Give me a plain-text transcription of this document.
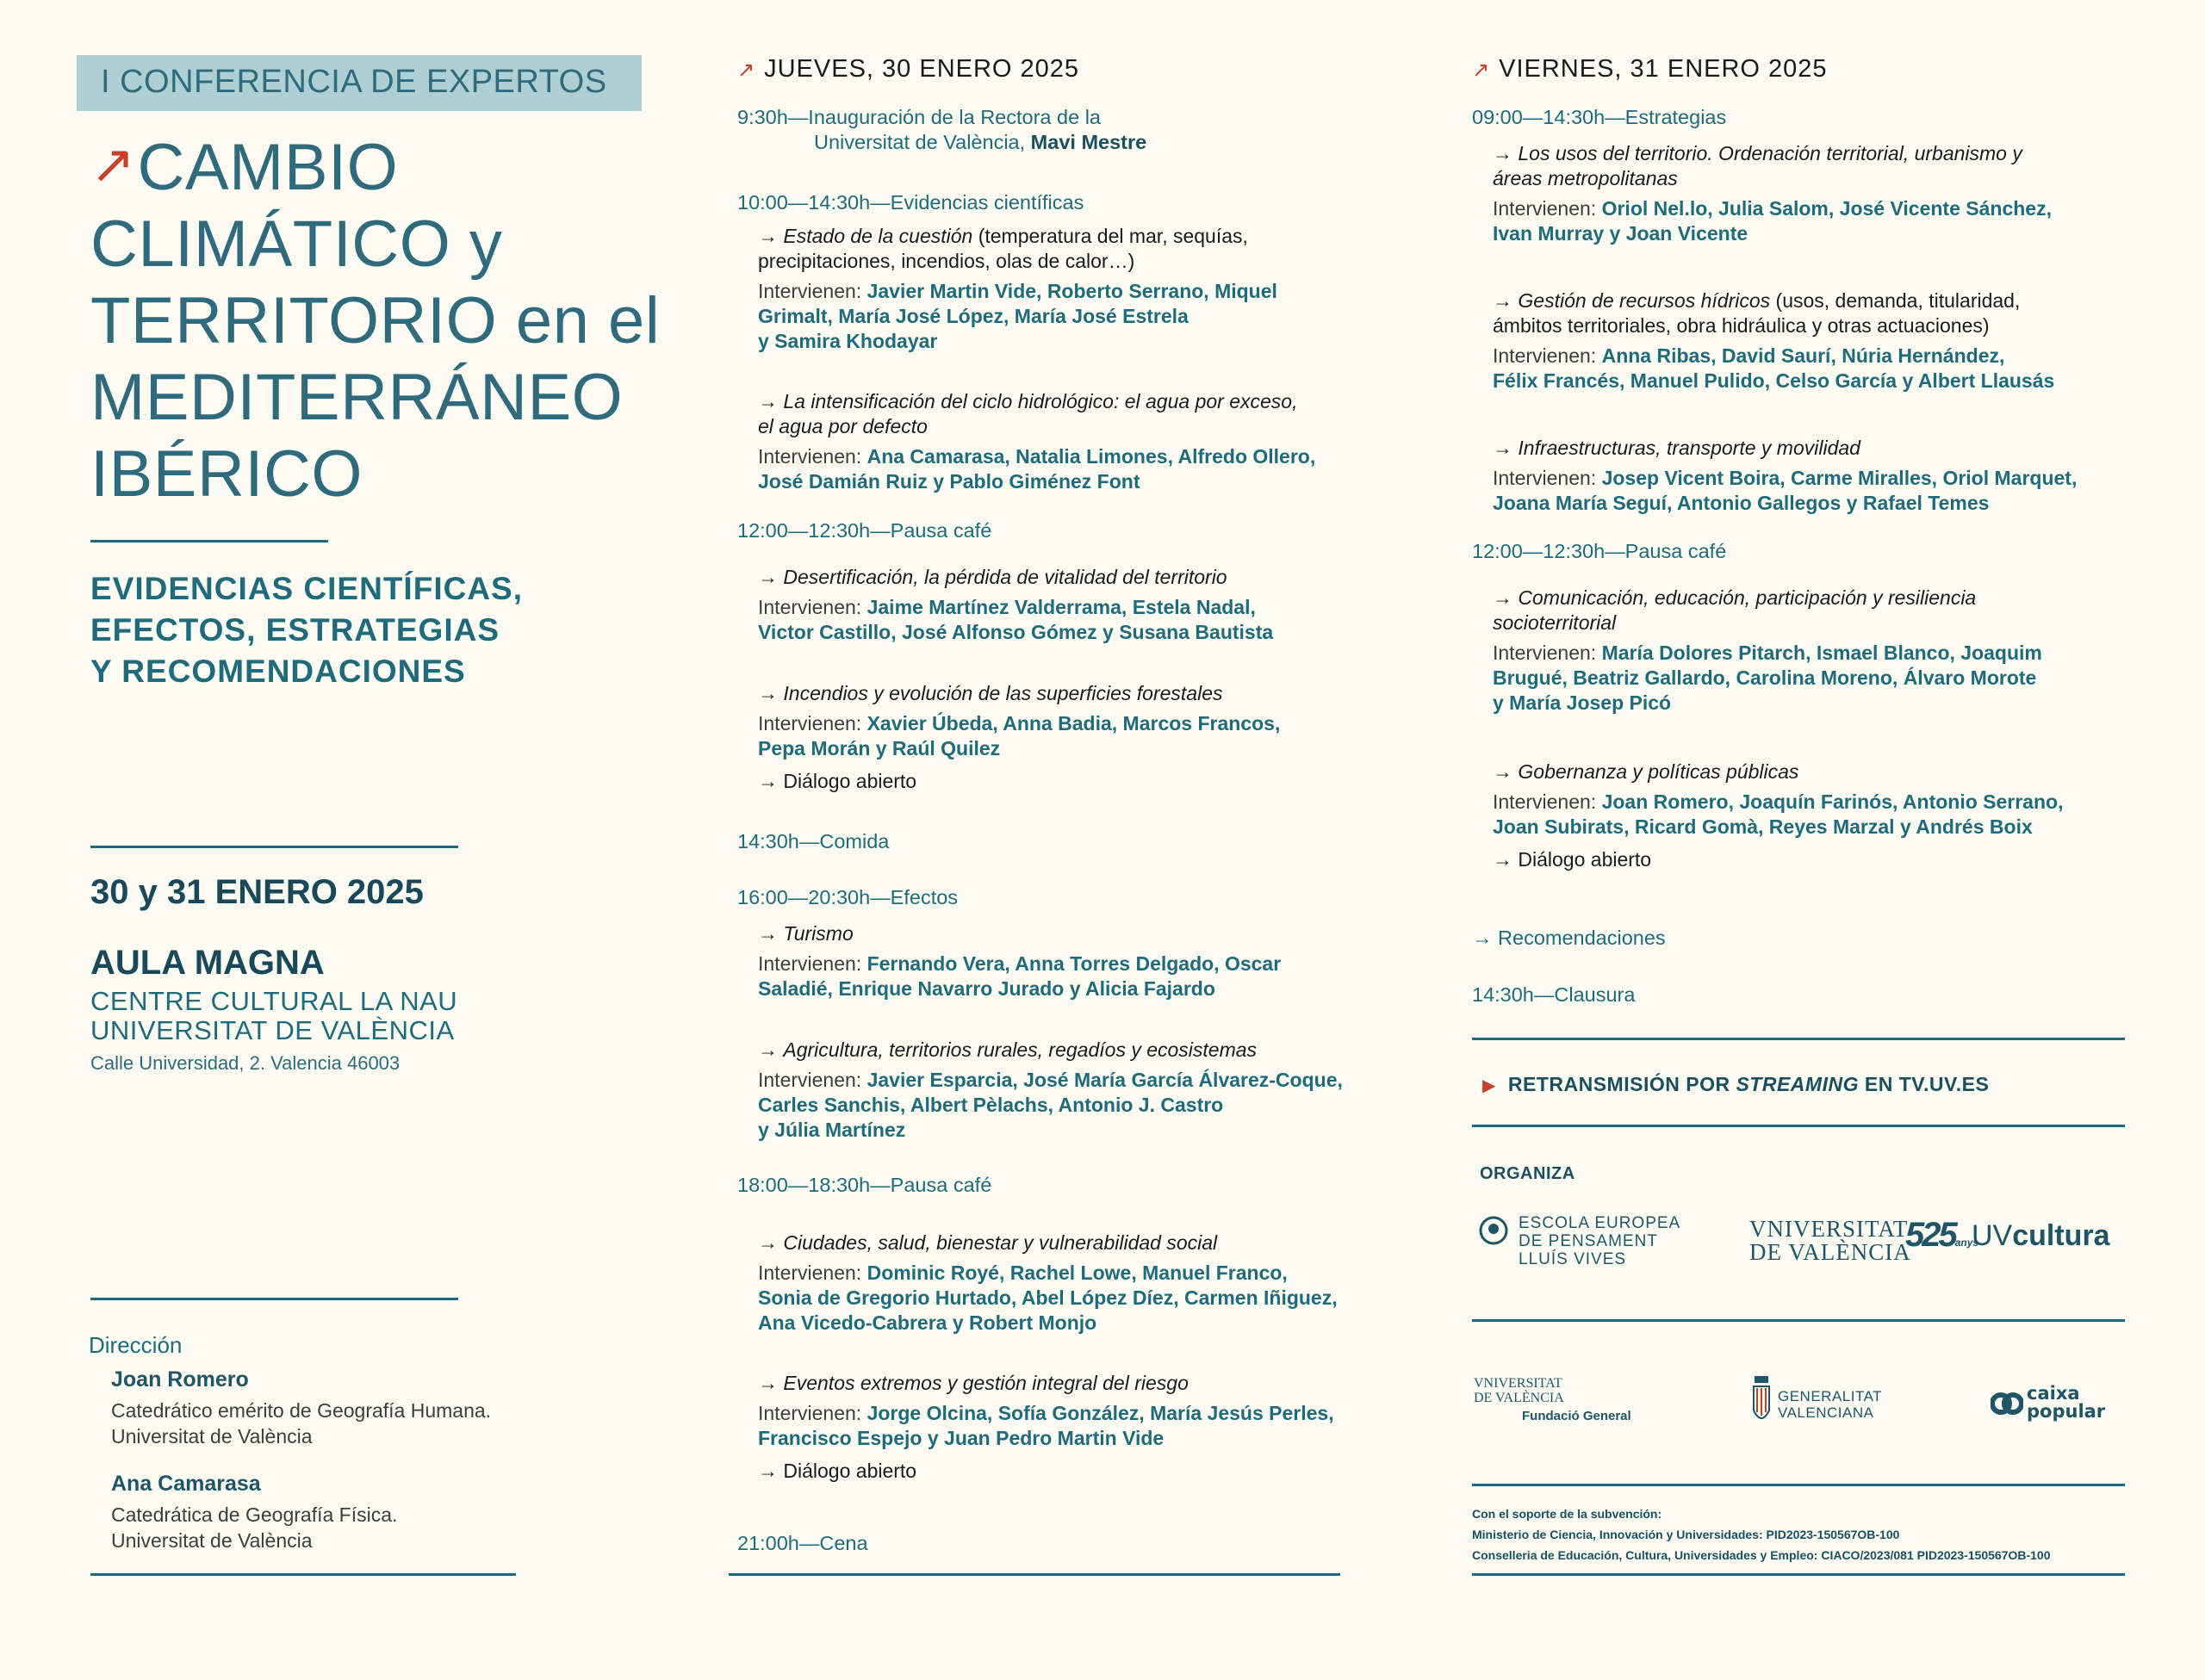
I CONFERENCIA DE EXPERTOS
↗CAMBIO
CLIMÁTICO y
TERRITORIO en el
MEDITERRÁNEO
IBÉRICO
EVIDENCIAS CIENTÍFICAS,
EFECTOS, ESTRATEGIAS
Y RECOMENDACIONES
30 y 31 ENERO 2025
AULA MAGNA
CENTRE CULTURAL LA NAU
UNIVERSITAT DE VALÈNCIA
Calle Universidad, 2. Valencia 46003
Dirección
Joan Romero
Catedrático emérito de Geografía Humana.
Universitat de València
Ana Camarasa
Catedrática de Geografía Física.
Universitat de València
↗ JUEVES, 30 ENERO 2025
9:30h—Inauguración de la Rectora de la
Universitat de València, Mavi Mestre
10:00—14:30h—Evidencias científicas
→ Estado de la cuestión (temperatura del mar, sequías,
precipitaciones, incendios, olas de calor…)
Intervienen: Javier Martin Vide, Roberto Serrano, Miquel
Grimalt, María José López, María José Estrela
y Samira Khodayar
→ La intensificación del ciclo hidrológico: el agua por exceso,
el agua por defecto
Intervienen: Ana Camarasa, Natalia Limones, Alfredo Ollero,
José Damián Ruiz y Pablo Giménez Font
12:00—12:30h—Pausa café
→ Desertificación, la pérdida de vitalidad del territorio
Intervienen: Jaime Martínez Valderrama, Estela Nadal,
Victor Castillo, José Alfonso Gómez y Susana Bautista
→ Incendios y evolución de las superficies forestales
Intervienen: Xavier Úbeda, Anna Badia, Marcos Francos,
Pepa Morán y Raúl Quilez
→ Diálogo abierto
14:30h—Comida
16:00—20:30h—Efectos
→ Turismo
Intervienen: Fernando Vera, Anna Torres Delgado, Oscar
Saladié, Enrique Navarro Jurado y Alicia Fajardo
→ Agricultura, territorios rurales, regadíos y ecosistemas
Intervienen: Javier Esparcia, José María García Álvarez-Coque,
Carles Sanchis, Albert Pèlachs, Antonio J. Castro
y Júlia Martínez
18:00—18:30h—Pausa café
→ Ciudades, salud, bienestar y vulnerabilidad social
Intervienen: Dominic Royé, Rachel Lowe, Manuel Franco,
Sonia de Gregorio Hurtado, Abel López Díez, Carmen Iñiguez,
Ana Vicedo-Cabrera y Robert Monjo
→ Eventos extremos y gestión integral del riesgo
Intervienen: Jorge Olcina, Sofía González, María Jesús Perles,
Francisco Espejo y Juan Pedro Martin Vide
→ Diálogo abierto
21:00h—Cena
↗ VIERNES, 31 ENERO 2025
09:00—14:30h—Estrategias
→ Los usos del territorio. Ordenación territorial, urbanismo y
áreas metropolitanas
Intervienen: Oriol Nel.lo, Julia Salom, José Vicente Sánchez,
Ivan Murray y Joan Vicente
→ Gestión de recursos hídricos (usos, demanda, titularidad,
ámbitos territoriales, obra hidráulica y otras actuaciones)
Intervienen: Anna Ribas, David Saurí, Núria Hernández,
Félix Francés, Manuel Pulido, Celso García y Albert Llausás
→ Infraestructuras, transporte y movilidad
Intervienen: Josep Vicent Boira, Carme Miralles, Oriol Marquet,
Joana María Seguí, Antonio Gallegos y Rafael Temes
12:00—12:30h—Pausa café
→ Comunicación, educación, participación y resiliencia
socioterritorial
Intervienen: María Dolores Pitarch, Ismael Blanco, Joaquim
Brugué, Beatriz Gallardo, Carolina Moreno, Álvaro Morote
y María Josep Picó
→ Gobernanza y políticas públicas
Intervienen: Joan Romero, Joaquín Farinós, Antonio Serrano,
Joan Subirats, Ricard Gomà, Reyes Marzal y Andrés Boix
→ Diálogo abierto
→ Recomendaciones
14:30h—Clausura
▶ RETRANSMISIÓN POR STREAMING EN TV.UV.ES
ORGANIZA
ESCOLA EUROPEA
DE PENSAMENT
LLUÍS VIVES
VNIVERSITAT
DE VALÈNCIA
525anys
UVcultura
VNIVERSITAT
DE VALÈNCIA
Fundació General
GENERALITAT
VALENCIANA
caixa
popular
Con el soporte de la subvención:
Ministerio de Ciencia, Innovación y Universidades: PID2023-150567OB-100
Conselleria de Educación, Cultura, Universidades y Empleo: CIACO/2023/081 PID2023-150567OB-100
